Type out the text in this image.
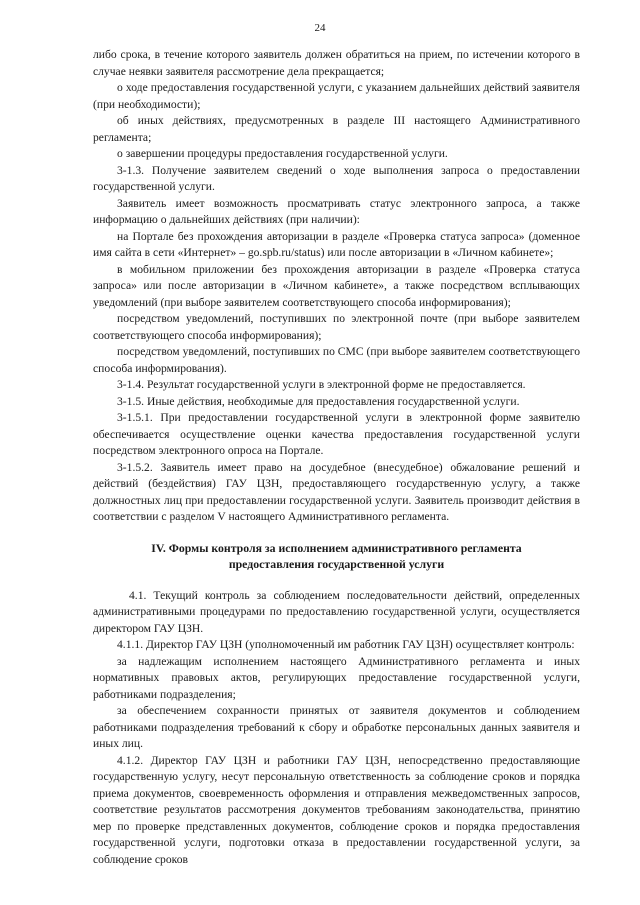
24

либо срока, в течение которого заявитель должен обратиться на прием, по истечении которого в случае неявки заявителя рассмотрение дела прекращается;

о ходе предоставления государственной услуги, с указанием дальнейших действий заявителя (при необходимости);

об иных действиях, предусмотренных в разделе III настоящего Административного регламента;

о завершении процедуры предоставления государственной услуги.

3-1.3. Получение заявителем сведений о ходе выполнения запроса о предоставлении государственной услуги.

Заявитель имеет возможность просматривать статус электронного запроса, а также информацию о дальнейших действиях (при наличии):

на Портале без прохождения авторизации в разделе «Проверка статуса запроса» (доменное имя сайта в сети «Интернет» – go.spb.ru/status) или после авторизации в «Личном кабинете»;

в мобильном приложении без прохождения авторизации в разделе «Проверка статуса запроса» или после авторизации в «Личном кабинете», а также посредством всплывающих уведомлений (при выборе заявителем соответствующего способа информирования);

посредством уведомлений, поступивших по электронной почте (при выборе заявителем соответствующего способа информирования);

посредством уведомлений, поступивших по СМС (при выборе заявителем соответствующего способа информирования).

3-1.4. Результат государственной услуги в электронной форме не предоставляется.

3-1.5. Иные действия, необходимые для предоставления государственной услуги.

3-1.5.1. При предоставлении государственной услуги в электронной форме заявителю обеспечивается осуществление оценки качества предоставления государственной услуги посредством электронного опроса на Портале.

3-1.5.2. Заявитель имеет право на досудебное (внесудебное) обжалование решений и действий (бездействия) ГАУ ЦЗН, предоставляющего государственную услугу, а также должностных лиц при предоставлении государственной услуги. Заявитель производит действия в соответствии с разделом V настоящего Административного регламента.

IV. Формы контроля за исполнением административного регламента
предоставления государственной услуги

4.1. Текущий контроль за соблюдением последовательности действий, определенных административными процедурами по предоставлению государственной услуги, осуществляется директором ГАУ ЦЗН.

4.1.1. Директор ГАУ ЦЗН (уполномоченный им работник ГАУ ЦЗН) осуществляет контроль:

за надлежащим исполнением настоящего Административного регламента и иных нормативных правовых актов, регулирующих предоставление государственной услуги, работниками подразделения;

за обеспечением сохранности принятых от заявителя документов и соблюдением работниками подразделения требований к сбору и обработке персональных данных заявителя и иных лиц.

4.1.2. Директор ГАУ ЦЗН и работники ГАУ ЦЗН, непосредственно предоставляющие государственную услугу, несут персональную ответственность за соблюдение сроков и порядка приема документов, своевременность оформления и отправления межведомственных запросов, соответствие результатов рассмотрения документов требованиям законодательства, принятию мер по проверке представленных документов, соблюдение сроков и порядка предоставления государственной услуги, подготовки отказа в предоставлении государственной услуги, за соблюдение сроков
